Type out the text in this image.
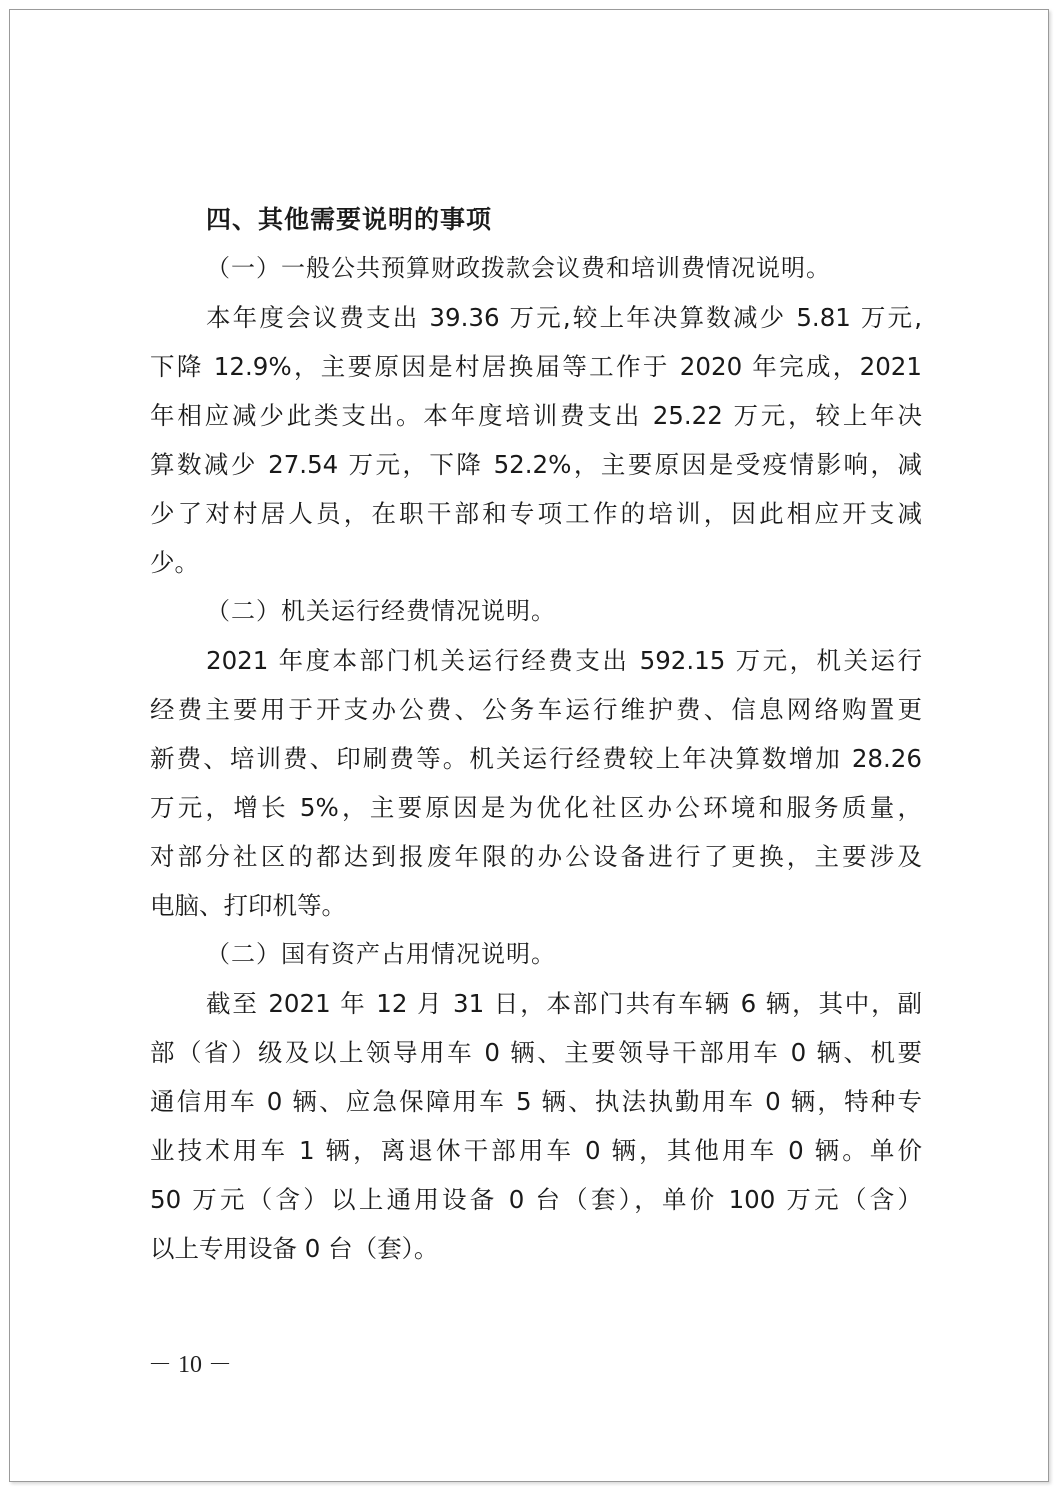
四、其他需要说明的事项
（一）一般公共预算财政拨款会议费和培训费情况说明。
本年度会议费支出 39.36 万元,较上年决算数减少 5.81 万元,
下降 12.9%，主要原因是村居换届等工作于 2020 年完成，2021
年相应减少此类支出。本年度培训费支出 25.22 万元，较上年决
算数减少 27.54 万元，下降 52.2%，主要原因是受疫情影响，减
少了对村居人员，在职干部和专项工作的培训，因此相应开支减
少。
（二）机关运行经费情况说明。
2021 年度本部门机关运行经费支出 592.15 万元，机关运行
经费主要用于开支办公费、公务车运行维护费、信息网络购置更
新费、培训费、印刷费等。机关运行经费较上年决算数增加 28.26
万元，增长 5%，主要原因是为优化社区办公环境和服务质量，
对部分社区的都达到报废年限的办公设备进行了更换，主要涉及
电脑、打印机等。
（二）国有资产占用情况说明。
截至 2021 年 12 月 31 日，本部门共有车辆 6 辆，其中，副
部（省）级及以上领导用车 0 辆、主要领导干部用车 0 辆、机要
通信用车 0 辆、应急保障用车 5 辆、执法执勤用车 0 辆，特种专
业技术用车 1 辆，离退休干部用车 0 辆，其他用车 0 辆。单价
50 万元（含）以上通用设备 0 台（套），单价 100 万元（含）
以上专用设备 0 台（套）。
－ 10 －
